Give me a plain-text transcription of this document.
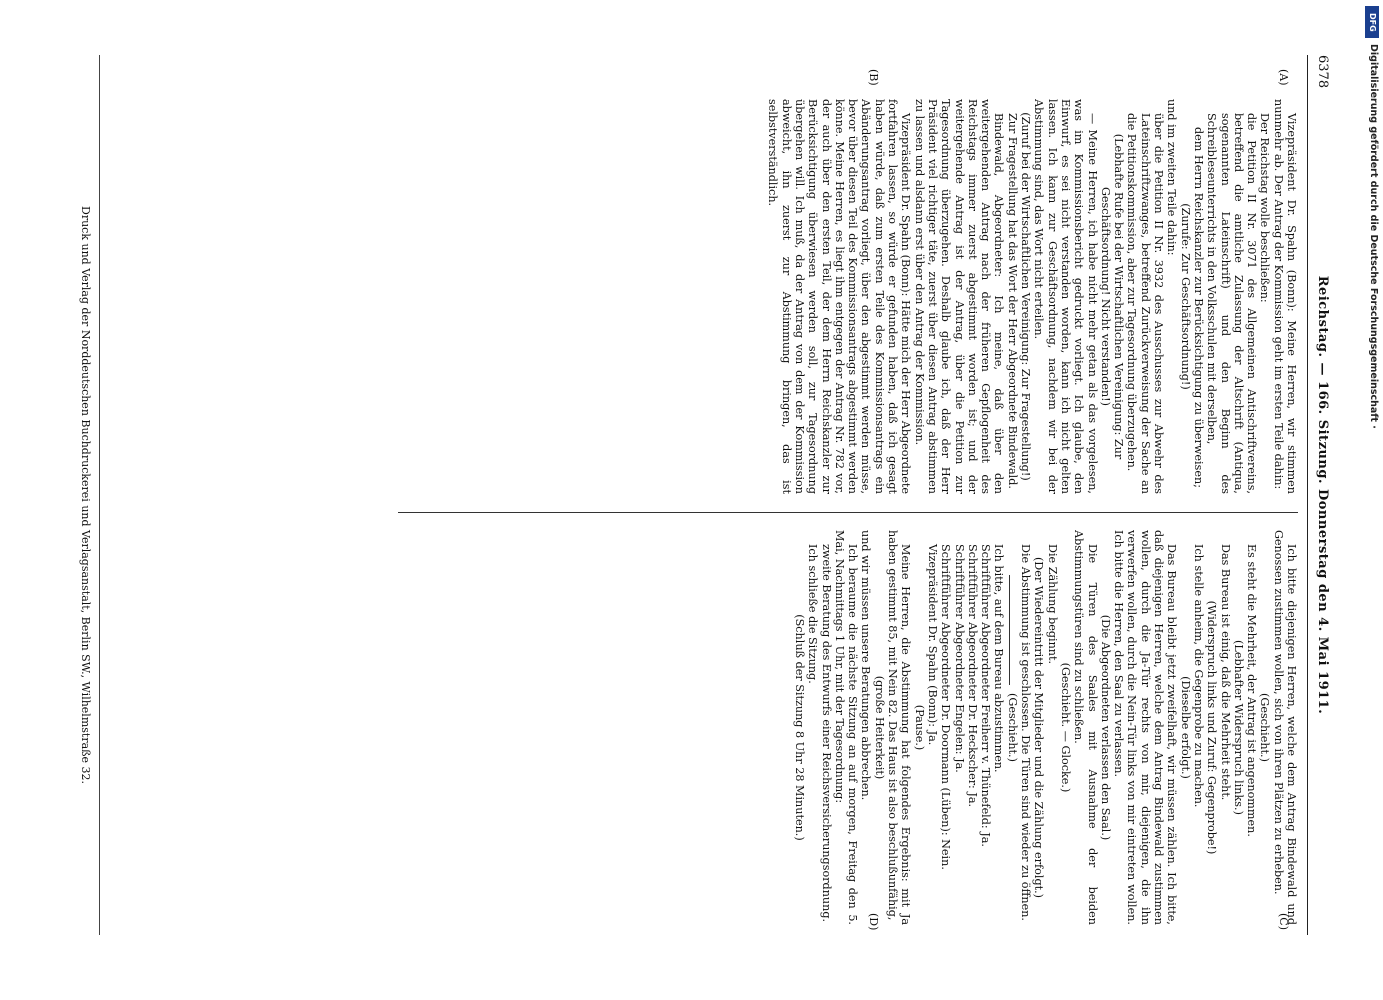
6378
Reichstag. — 166. Sitzung. Donnerstag den 4. Mai 1911.
(A)
(B)
(C)
(D)

Vizepräsident Dr. Spahn (Bonn): Meine Herren, wir stimmen nunmehr ab. Der Antrag der Kommission geht im ersten Teile dahin:

Der Reichstag wolle beschließen:

die Petition II Nr. 3071 des Allgemeinen Antischriftvereins, betreffend die amtliche Zulassung der Altschrift (Antiqua, sogenannten Lateinschrift) und den Beginn des Schreibleseunterrichts in den Volksschulen mit derselben,

dem Herrn Reichskanzler zur Berücksichtigung zu überweisen;

(Zurufe: Zur Geschäftsordnung!)

und im zweiten Teile dahin:

über die Petition II Nr. 3932 des Ausschusses zur Abwehr des Lateinschriftzwanges, betreffend Zurückverweisung der Sache an die Petitionskommission, aber zur Tagesordnung überzugehen.

(Lebhafte Rufe bei der Wirtschaftlichen Vereinigung: Zur Geschäftsordnung! Nicht verstanden!)

— Meine Herren, ich habe nicht mehr getan als das vorgelesen, was im Kommissionsbericht gedruckt vorliegt. Ich glaube, den Einwurf, es sei nicht verstanden worden, kann ich nicht gelten lassen. Ich kann zur Geschäftsordnung, nachdem wir bei der Abstimmung sind, das Wort nicht erteilen.

(Zuruf bei der Wirtschaftlichen Vereinigung: Zur Fragestellung!)

Zur Fragestellung hat das Wort der Herr Abgeordnete Bindewald.

Bindewald, Abgeordneter: Ich meine, daß über den weitergehenden Antrag nach der früheren Gepflogenheit des Reichstags immer zuerst abgestimmt worden ist; und der weitergehende Antrag ist der Antrag, über die Petition zur Tagesordnung überzugehen. Deshalb glaube ich, daß der Herr Präsident viel richtiger täte, zuerst über diesen Antrag abstimmen zu lassen und alsdann erst über den Antrag der Kommission.

Vizepräsident Dr. Spahn (Bonn): Hätte mich der Herr Abgeordnete fortfahren lassen, so würde er gefunden haben, daß ich gesagt haben würde, daß zum ersten Teile des Kommissionsantrags ein Abänderungsantrag vorliegt, über den abgestimmt werden müsse, bevor über diesen Teil des Kommissionsantrags abgestimmt werden könne. Meine Herren, es liegt ihm entgegen der Antrag Nr. 782 vor, der auch über den ersten Teil, der dem Herrn Reichskanzler zur Berücksichtigung überwiesen werden soll, zur Tagesordnung übergehen will. Ich muß, da der Antrag von dem der Kommission abweicht, ihn zuerst zur Abstimmung bringen, das ist selbstverständlich.

Ich bitte diejenigen Herren, welche dem Antrag Bindewald und Genossen zustimmen wollen, sich von ihren Plätzen zu erheben.

(Geschieht.)

Es steht die Mehrheit, der Antrag ist angenommen.

(Lebhafter Widerspruch links.)

Das Bureau ist einig, daß die Mehrheit steht.

(Widerspruch links und Zuruf: Gegenprobe!)

Ich stelle anheim, die Gegenprobe zu machen.

(Dieselbe erfolgt.)

Das Bureau bleibt jetzt zweifelhaft, wir müssen zählen. Ich bitte, daß diejenigen Herren, welche dem Antrag Bindewald zustimmen wollen, durch die Ja-Tür rechts von mir, diejenigen, die ihn verwerfen wollen, durch die Nein-Tür links von mir eintreten wollen. Ich bitte die Herren, den Saal zu verlassen.

(Die Abgeordneten verlassen den Saal.)

Die Türen des Saales mit Ausnahme der beiden Abstimmungstüren sind zu schließen.

(Geschieht. — Glocke.)

Die Zählung beginnt.

(Der Wiedereintritt der Mitglieder und die Zählung erfolgt.)

Die Abstimmung ist geschlossen. Die Türen sind wieder zu öffnen.

(Geschieht.)

Ich bitte, auf dem Bureau abzustimmen.

Schriftführer Abgeordneter Freiherr v. Thünefeld: Ja.

Schriftführer Abgeordneter Dr. Heckscher: Ja.

Schriftführer Abgeordneter Engelen: Ja.

Schriftführer Abgeordneter Dr. Doormann (Lüben): Nein.

Vizepräsident Dr. Spahn (Bonn): Ja.

(Pause.)

Meine Herren, die Abstimmung hat folgendes Ergebnis: mit Ja haben gestimmt 85, mit Nein 82. Das Haus ist also beschlußunfähig,

(große Heiterkeit)

und wir müssen unsere Beratungen abbrechen.

Ich beraume die nächste Sitzung an auf morgen, Freitag den 5. Mai, Nachmittags 1 Uhr, mit der Tagesordnung:

zweite Beratung des Entwurfs einer Reichsversicherungsordnung.

Ich schließe die Sitzung.

(Schluß der Sitzung 8 Uhr 28 Minuten.)

Druck und Verlag der Norddeutschen Buchdruckerei und Verlagsanstalt, Berlin SW., Wilhelmstraße 32.
DFG
Digitalisierung gefördert durch die Deutsche Forschungsgemeinschaft ·
